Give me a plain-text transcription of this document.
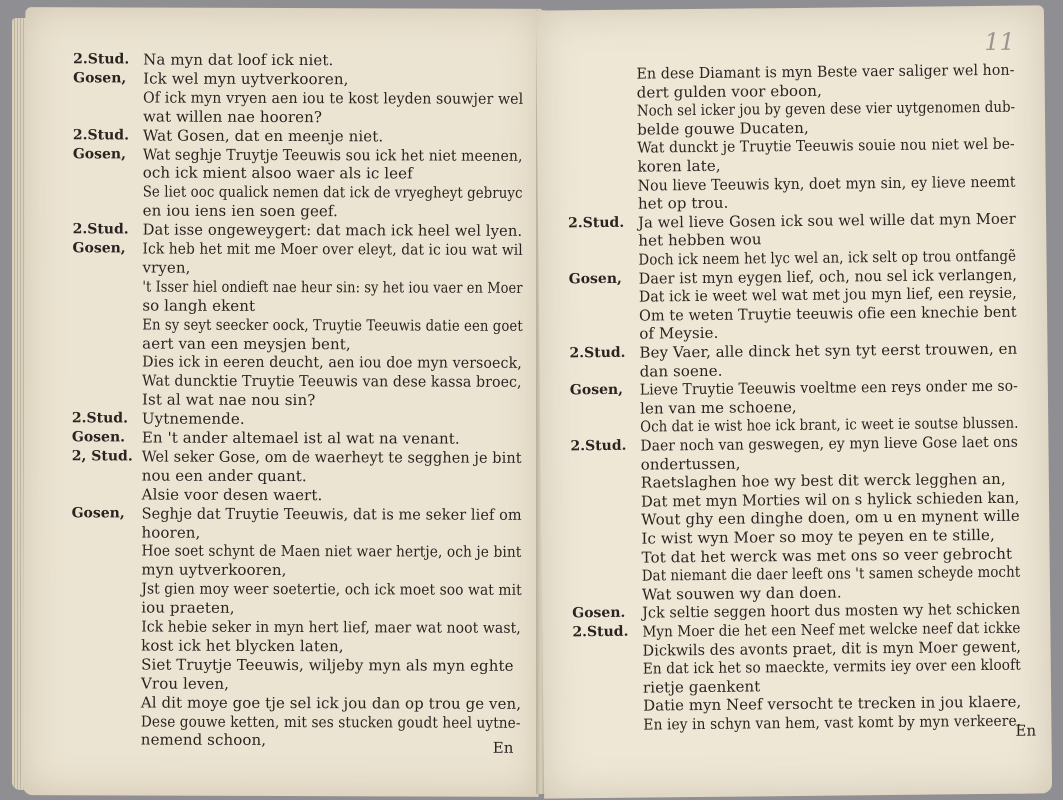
2.Stud. Na myn dat loof ick niet.
Gosen, Ick wel myn uytverkooren,
Of ick myn vryen aen iou te kost leyden souwjer wel
wat willen nae hooren?
2.Stud. Wat Gosen, dat en meenje niet.
Gosen, Wat seghje Truytje Teeuwis sou ick het niet meenen,
och ick mient alsoo waer als ic leef
Se liet ooc qualick nemen dat ick de vryegheyt gebruyc
en iou iens ien soen geef.
2.Stud. Dat isse ongeweygert: dat mach ick heel wel lyen.
Gosen, Ick heb het mit me Moer over eleyt, dat ic iou wat wil
vryen,
't Isser hiel ondieft nae heur sin: sy het iou vaer en Moer
so langh ekent
En sy seyt seecker oock, Truytie Teeuwis datie een goet
aert van een meysjen bent,
Dies ick in eeren deucht, aen iou doe myn versoeck,
Wat duncktie Truytie Teeuwis van dese kassa broec,
Ist al wat nae nou sin?
2.Stud. Uytnemende.
Gosen. En 't ander altemael ist al wat na venant.
2, Stud. Wel seker Gose, om de waerheyt te segghen je bint
nou een ander quant.
Alsie voor desen waert.
Gosen, Seghje dat Truytie Teeuwis, dat is me seker lief om
hooren,
Hoe soet schynt de Maen niet waer hertje, och je bint
myn uytverkooren,
Jst gien moy weer soetertie, och ick moet soo wat mit
iou praeten,
Ick hebie seker in myn hert lief, maer wat noot wast,
kost ick het blycken laten,
Siet Truytje Teeuwis, wiljeby myn als myn eghte
Vrou leven,
Al dit moye goe tje sel ick jou dan op trou ge ven,
Dese gouwe ketten, mit ses stucken goudt heel uytne-
nemend schoon,	En
11
En dese Diamant is myn Beste vaer saliger wel hon-
dert gulden voor eboon,
Noch sel icker jou by geven dese vier uytgenomen dub-
belde gouwe Ducaten,
Wat dunckt je Truytie Teeuwis souie nou niet wel be-
koren late,
Nou lieve Teeuwis kyn, doet myn sin, ey lieve neemt
het op trou.
2.Stud. Ja wel lieve Gosen ick sou wel wille dat myn Moer
het hebben wou
Doch ick neem het lyc wel an, ick selt op trou ontfangẽ
Gosen, Daer ist myn eygen lief, och, nou sel ick verlangen,
Dat ick ie weet wel wat met jou myn lief, een reysie,
Om te weten Truytie teeuwis ofie een knechie bent
of Meysie.
2.Stud. Bey Vaer, alle dinck het syn tyt eerst trouwen, en
dan soene.
Gosen, Lieve Truytie Teeuwis voeltme een reys onder me so-
len van me schoene,
Och dat ie wist hoe ick brant, ic weet ie soutse blussen.
2.Stud. Daer noch van geswegen, ey myn lieve Gose laet ons
ondertussen,
Raetslaghen hoe wy best dit werck legghen an,
Dat met myn Morties wil on s hylick schieden kan,
Wout ghy een dinghe doen, om u en mynent wille
Ic wist wyn Moer so moy te peyen en te stille,
Tot dat het werck was met ons so veer gebrocht
Dat niemant die daer leeft ons 't samen scheyde mocht
Wat souwen wy dan doen.
Gosen. Jck seltie seggen hoort dus mosten wy het schicken
2.Stud. Myn Moer die het een Neef met welcke neef dat ickke
Dickwils des avonts praet, dit is myn Moer gewent,
En dat ick het so maeckte, vermits iey over een klooft
rietje gaenkent
Datie myn Neef versocht te trecken in jou klaere,
En iey in schyn van hem, vast komt by myn verkeere.
En
